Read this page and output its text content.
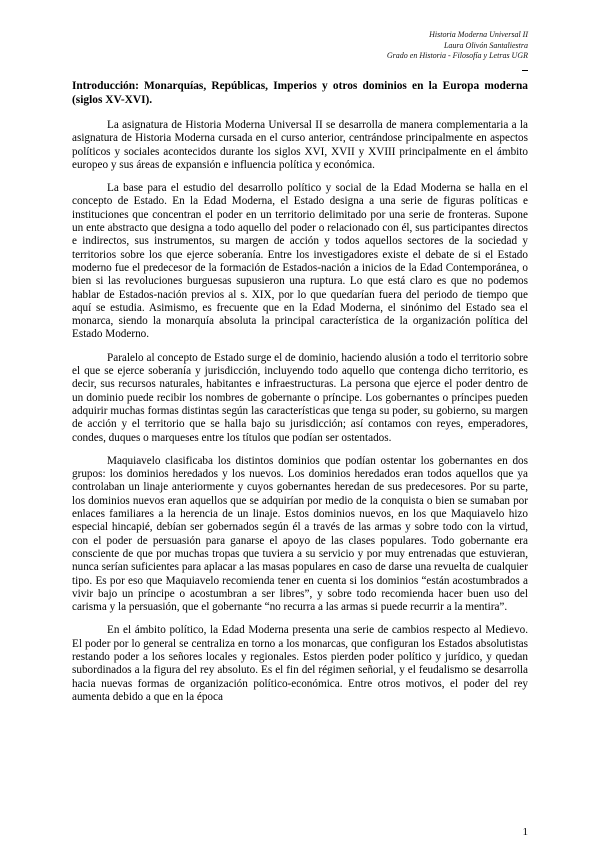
Historia Moderna Universal II
Laura Olivón Santaliestra
Grado en Historia - Filosofía y Letras UGR

Introducción: Monarquías, Repúblicas, Imperios y otros dominios en la Europa moderna (siglos XV-XVI).

La asignatura de Historia Moderna Universal II se desarrolla de manera complementaria a la asignatura de Historia Moderna cursada en el curso anterior, centrándose principalmente en aspectos políticos y sociales acontecidos durante los siglos XVI, XVII y XVIII principalmente en el ámbito europeo y sus áreas de expansión e influencia política y económica.

La base para el estudio del desarrollo político y social de la Edad Moderna se halla en el concepto de Estado. En la Edad Moderna, el Estado designa a una serie de figuras políticas e instituciones que concentran el poder en un territorio delimitado por una serie de fronteras. Supone un ente abstracto que designa a todo aquello del poder o relacionado con él, sus participantes directos e indirectos, sus instrumentos, su margen de acción y todos aquellos sectores de la sociedad y territorios sobre los que ejerce soberanía. Entre los investigadores existe el debate de si el Estado moderno fue el predecesor de la formación de Estados-nación a inicios de la Edad Contemporánea, o bien si las revoluciones burguesas supusieron una ruptura. Lo que está claro es que no podemos hablar de Estados-nación previos al s. XIX, por lo que quedarían fuera del periodo de tiempo que aquí se estudia. Asimismo, es frecuente que en la Edad Moderna, el sinónimo del Estado sea el monarca, siendo la monarquía absoluta la principal característica de la organización política del Estado Moderno.

Paralelo al concepto de Estado surge el de dominio, haciendo alusión a todo el territorio sobre el que se ejerce soberanía y jurisdicción, incluyendo todo aquello que contenga dicho territorio, es decir, sus recursos naturales, habitantes e infraestructuras. La persona que ejerce el poder dentro de un dominio puede recibir los nombres de gobernante o príncipe. Los gobernantes o príncipes pueden adquirir muchas formas distintas según las características que tenga su poder, su gobierno, su margen de acción y el territorio que se halla bajo su jurisdicción; así contamos con reyes, emperadores, condes, duques o marqueses entre los títulos que podían ser ostentados.

Maquiavelo clasificaba los distintos dominios que podían ostentar los gobernantes en dos grupos: los dominios heredados y los nuevos. Los dominios heredados eran todos aquellos que ya controlaban un linaje anteriormente y cuyos gobernantes heredan de sus predecesores. Por su parte, los dominios nuevos eran aquellos que se adquirían por medio de la conquista o bien se sumaban por enlaces familiares a la herencia de un linaje. Estos dominios nuevos, en los que Maquiavelo hizo especial hincapié, debían ser gobernados según él a través de las armas y sobre todo con la virtud, con el poder de persuasión para ganarse el apoyo de las clases populares. Todo gobernante era consciente de que por muchas tropas que tuviera a su servicio y por muy entrenadas que estuvieran, nunca serían suficientes para aplacar a las masas populares en caso de darse una revuelta de cualquier tipo. Es por eso que Maquiavelo recomienda tener en cuenta si los dominios “están acostumbrados a vivir bajo un príncipe o acostumbran a ser libres”, y sobre todo recomienda hacer buen uso del carisma y la persuasión, que el gobernante “no recurra a las armas si puede recurrir a la mentira”.

En el ámbito político, la Edad Moderna presenta una serie de cambios respecto al Medievo. El poder por lo general se centraliza en torno a los monarcas, que configuran los Estados absolutistas restando poder a los señores locales y regionales. Estos pierden poder político y jurídico, y quedan subordinados a la figura del rey absoluto. Es el fin del régimen señorial, y el feudalismo se desarrolla hacia nuevas formas de organización político-económica. Entre otros motivos, el poder del rey aumenta debido a que en la época

1
